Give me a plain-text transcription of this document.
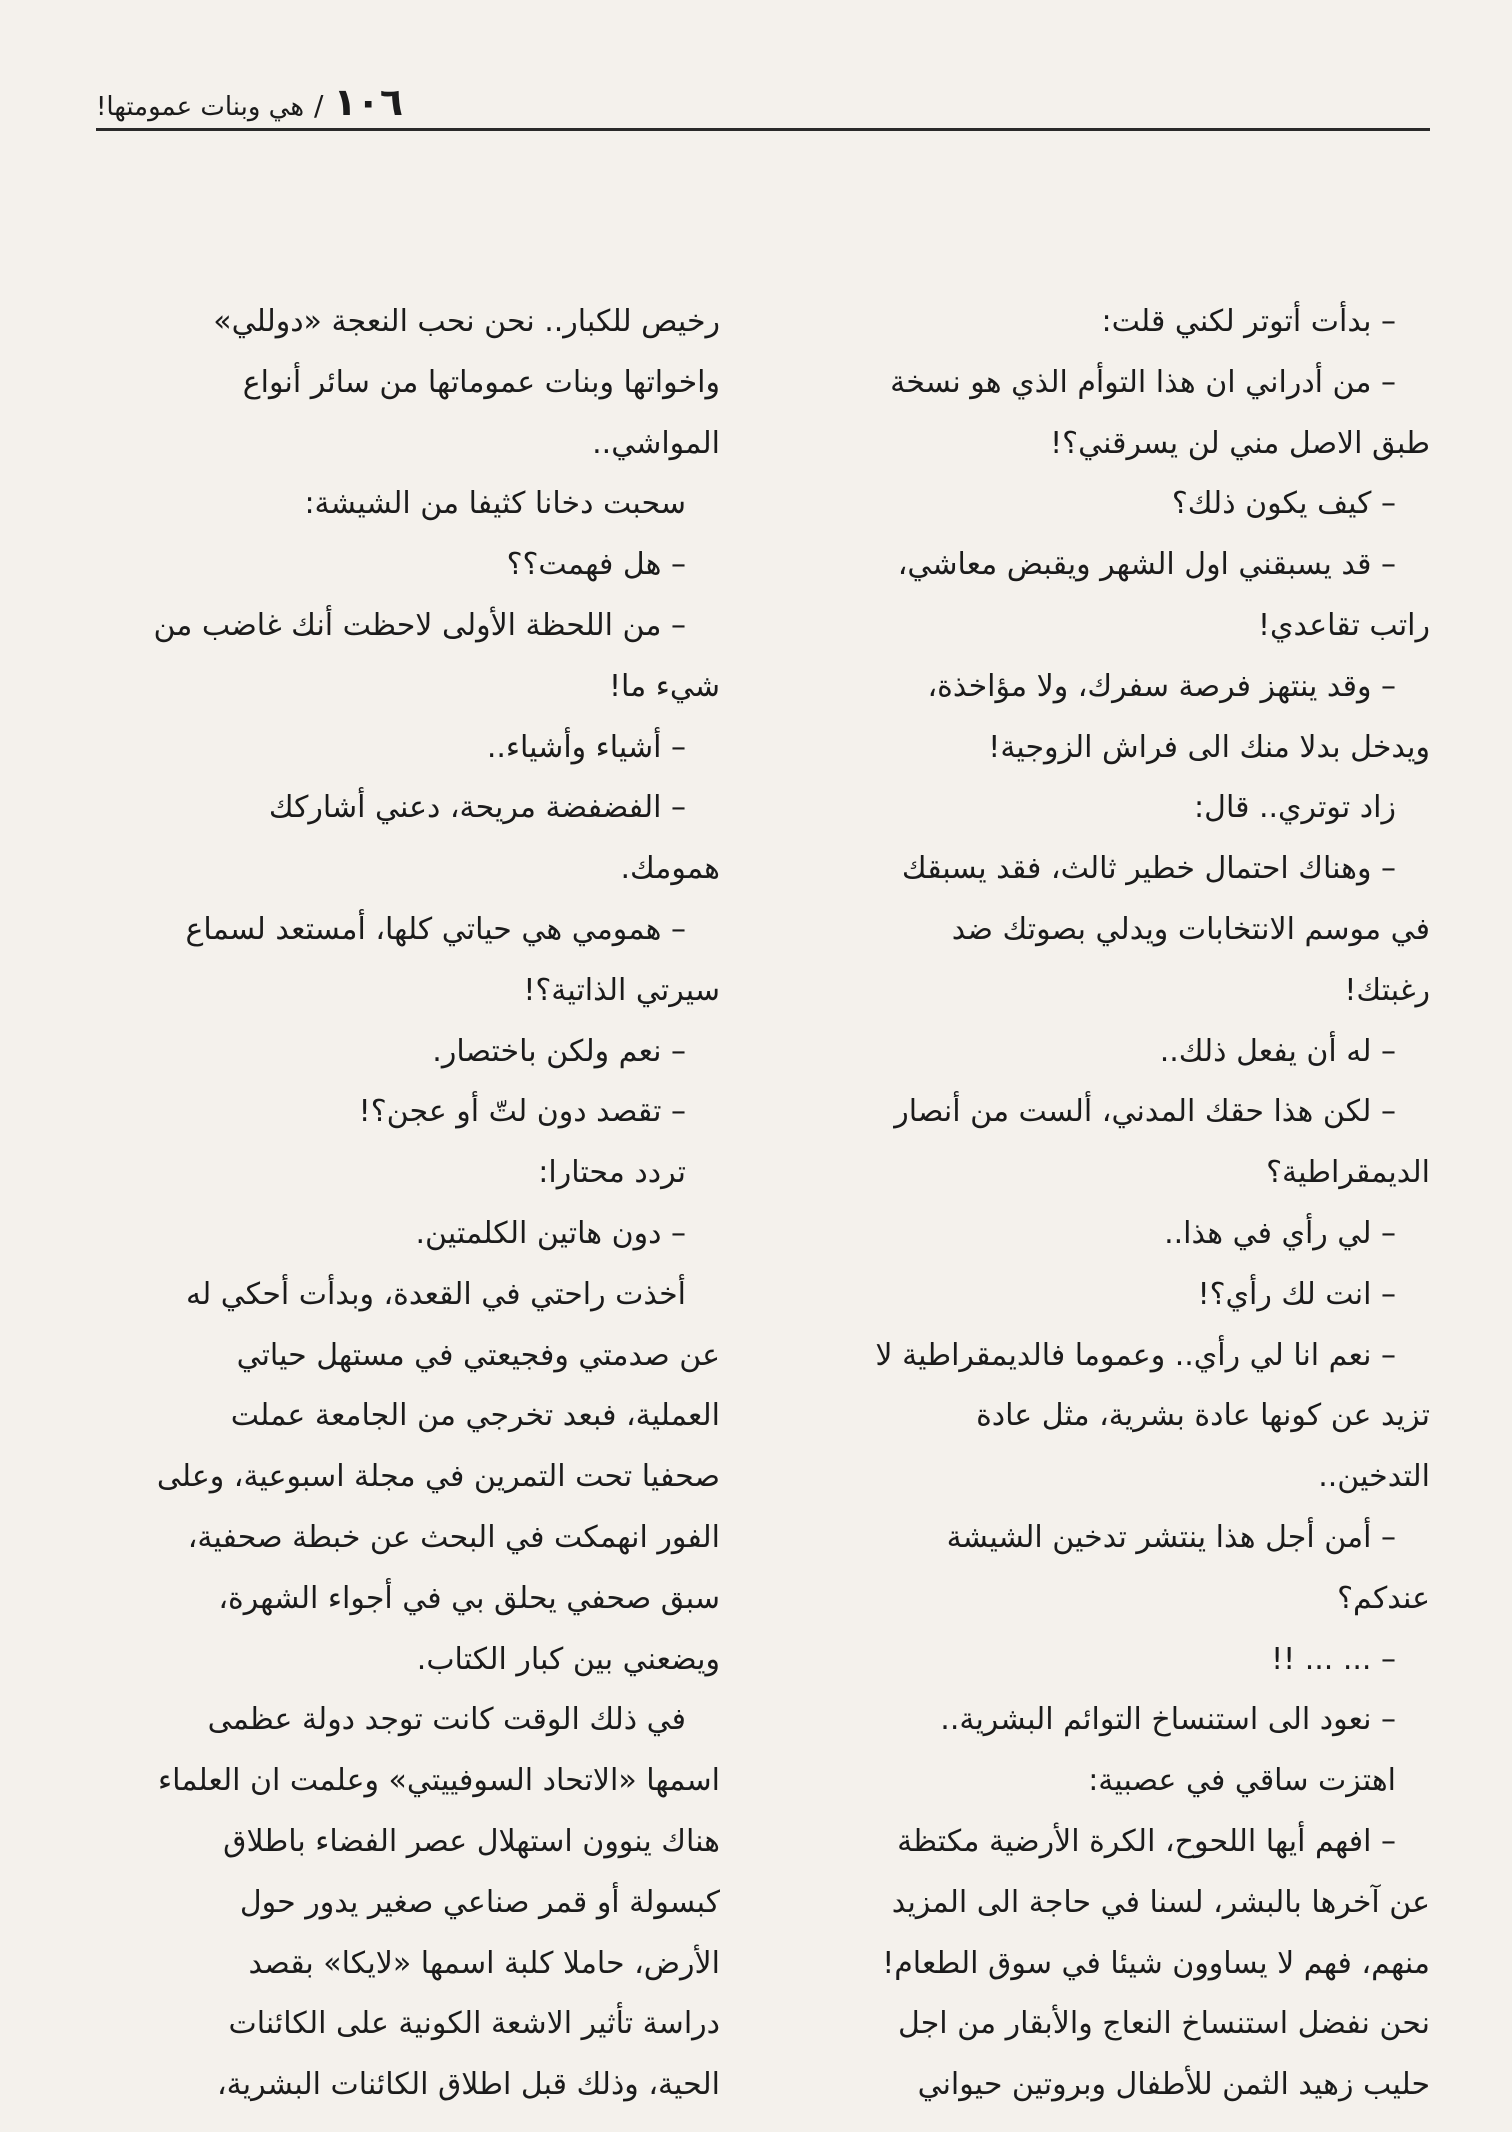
١٠٦/هي وبنات عمومتها!
– بدأت أتوتر لكني قلت:
– من أدراني ان هذا التوأم الذي هو نسخة
طبق الاصل مني لن يسرقني؟!
– كيف يكون ذلك؟
– قد يسبقني اول الشهر ويقبض معاشي،
راتب تقاعدي!
– وقد ينتهز فرصة سفرك، ولا مؤاخذة،
ويدخل بدلا منك الى فراش الزوجية!
زاد توتري.. قال:
– وهناك احتمال خطير ثالث، فقد يسبقك
في موسم الانتخابات ويدلي بصوتك ضد
رغبتك!
– له أن يفعل ذلك..
– لكن هذا حقك المدني، ألست من أنصار
الديمقراطية؟
– لي رأي في هذا..
– انت لك رأي؟!
– نعم انا لي رأي.. وعموما فالديمقراطية لا
تزيد عن كونها عادة بشرية، مثل عادة
التدخين..
– أمن أجل هذا ينتشر تدخين الشيشة
عندكم؟
– ... ... !!
– نعود الى استنساخ التوائم البشرية..
اهتزت ساقي في عصبية:
– افهم أيها اللحوح، الكرة الأرضية مكتظة
عن آخرها بالبشر، لسنا في حاجة الى المزيد
منهم، فهم لا يساوون شيئا في سوق الطعام!
نحن نفضل استنساخ النعاج والأبقار من اجل
حليب زهيد الثمن للأطفال وبروتين حيواني
رخيص للكبار.. نحن نحب النعجة «دوللي»
واخواتها وبنات عموماتها من سائر أنواع
المواشي..
سحبت دخانا كثيفا من الشيشة:
– هل فهمت؟؟
– من اللحظة الأولى لاحظت أنك غاضب من
شيء ما!
– أشياء وأشياء..
– الفضفضة مريحة، دعني أشاركك
همومك.
– همومي هي حياتي كلها، أمستعد لسماع
سيرتي الذاتية؟!
– نعم ولكن باختصار.
– تقصد دون لتّ أو عجن؟!
تردد محتارا:
– دون هاتين الكلمتين.
أخذت راحتي في القعدة، وبدأت أحكي له
عن صدمتي وفجيعتي في مستهل حياتي
العملية، فبعد تخرجي من الجامعة عملت
صحفيا تحت التمرين في مجلة اسبوعية، وعلى
الفور انهمكت في البحث عن خبطة صحفية،
سبق صحفي يحلق بي في أجواء الشهرة،
ويضعني بين كبار الكتاب.
في ذلك الوقت كانت توجد دولة عظمى
اسمها «الاتحاد السوفييتي» وعلمت ان العلماء
هناك ينوون استهلال عصر الفضاء باطلاق
كبسولة أو قمر صناعي صغير يدور حول
الأرض، حاملا كلبة اسمها «لايكا» بقصد
دراسة تأثير الاشعة الكونية على الكائنات
الحية، وذلك قبل اطلاق الكائنات البشرية،
